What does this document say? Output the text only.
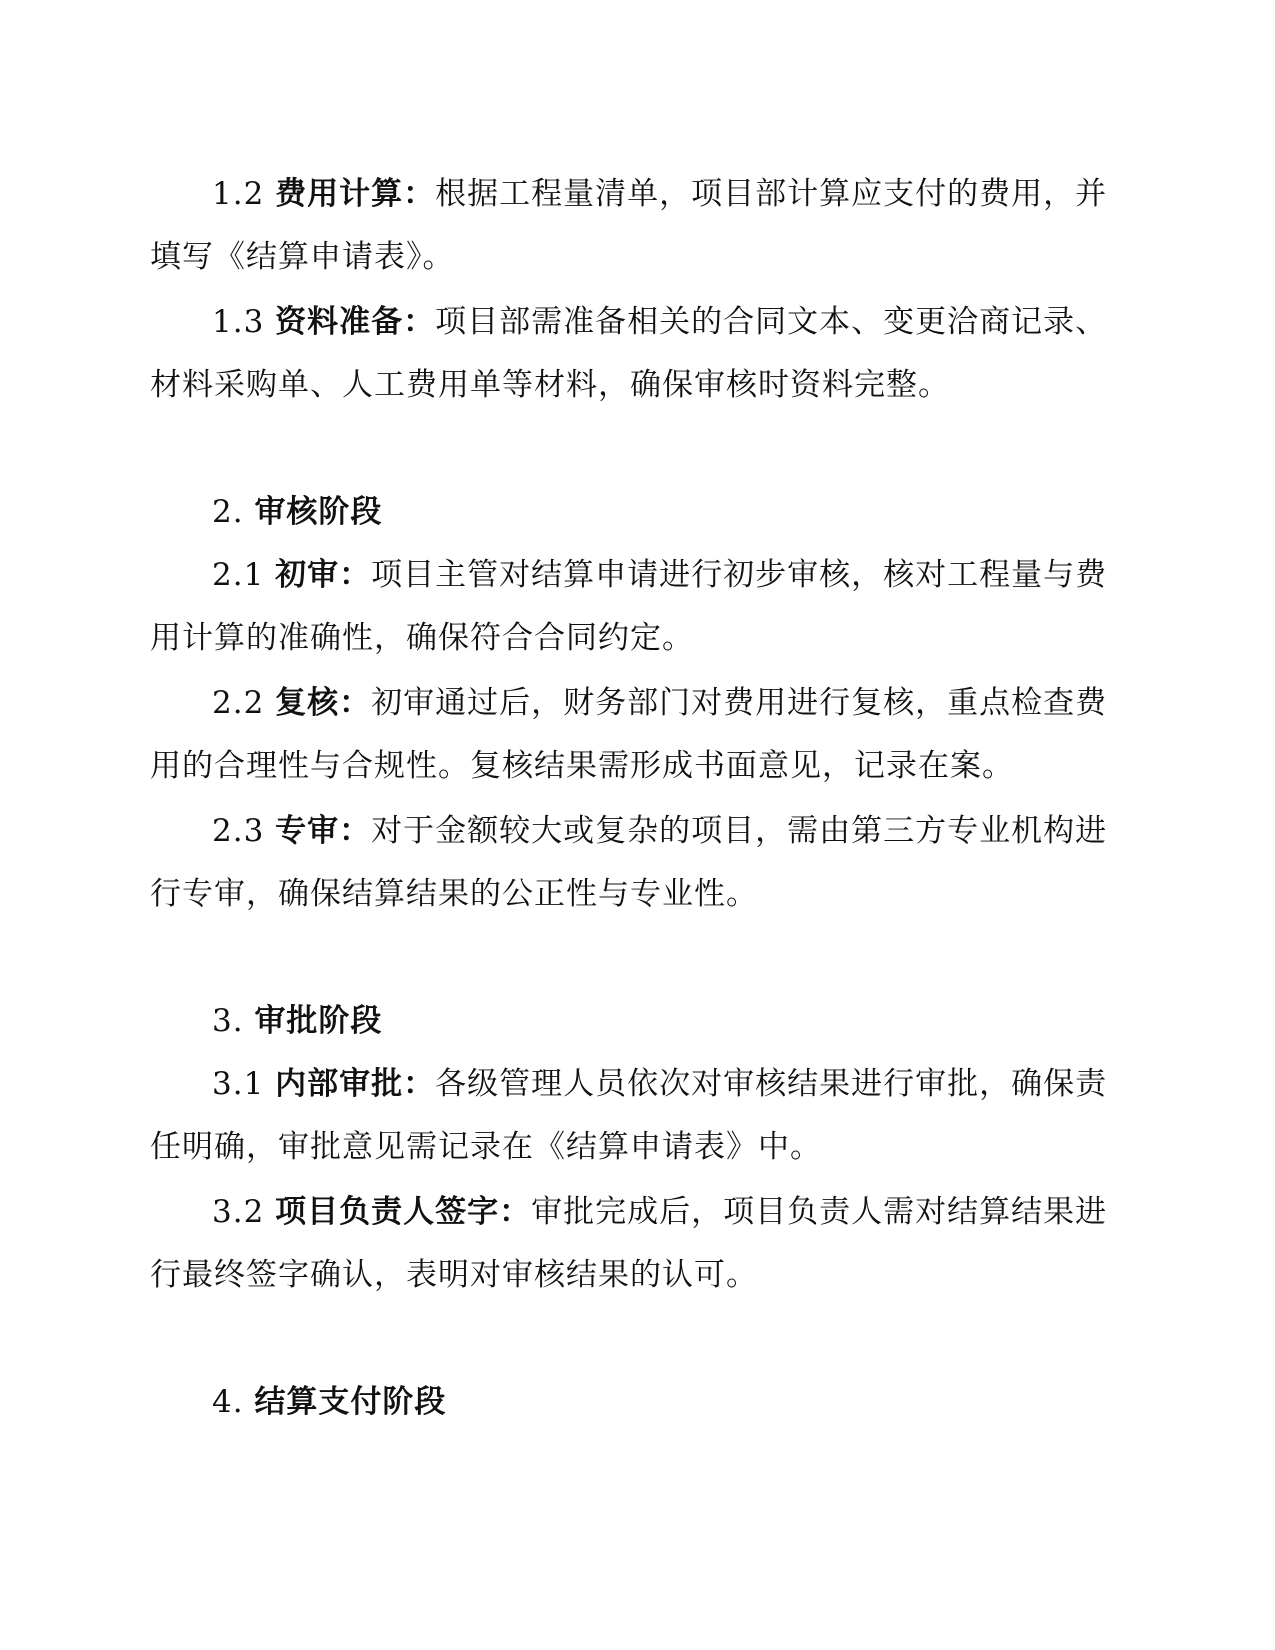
1.2 费用计算：根据工程量清单，项目部计算应支付的费用，并填写《结算申请表》。

1.3 资料准备：项目部需准备相关的合同文本、变更洽商记录、材料采购单、人工费用单等材料，确保审核时资料完整。

2. 审核阶段

2.1 初审：项目主管对结算申请进行初步审核，核对工程量与费用计算的准确性，确保符合合同约定。

2.2 复核：初审通过后，财务部门对费用进行复核，重点检查费用的合理性与合规性。复核结果需形成书面意见，记录在案。

2.3 专审：对于金额较大或复杂的项目，需由第三方专业机构进行专审，确保结算结果的公正性与专业性。

3. 审批阶段

3.1 内部审批：各级管理人员依次对审核结果进行审批，确保责任明确，审批意见需记录在《结算申请表》中。

3.2 项目负责人签字：审批完成后，项目负责人需对结算结果进行最终签字确认，表明对审核结果的认可。

4. 结算支付阶段
